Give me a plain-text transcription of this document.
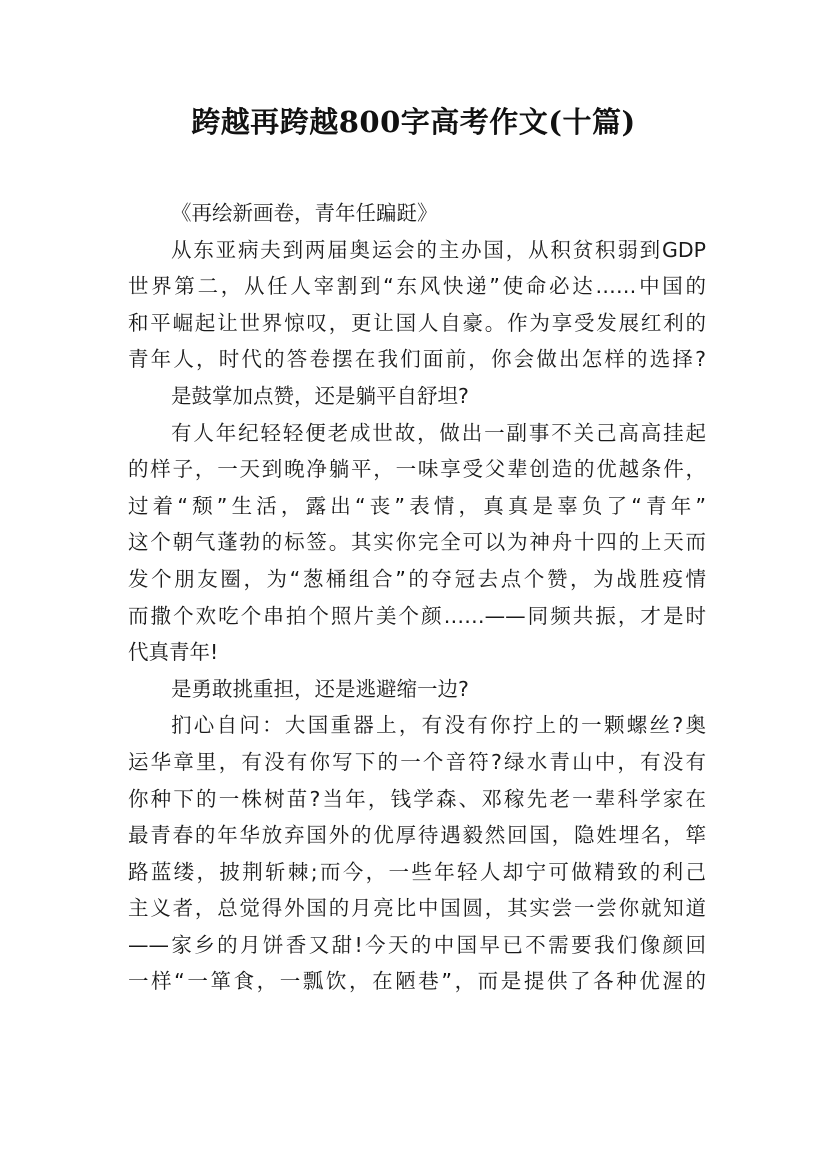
跨越再跨越800字高考作文(十篇)
《再绘新画卷，青年任蹁跹》
从东亚病夫到两届奥运会的主办国，从积贫积弱到GDP
世界第二，从任人宰割到“东风快递”使命必达……中国的
和平崛起让世界惊叹，更让国人自豪。作为享受发展红利的
青年人，时代的答卷摆在我们面前，你会做出怎样的选择?
是鼓掌加点赞，还是躺平自舒坦?
有人年纪轻轻便老成世故，做出一副事不关己高高挂起
的样子，一天到晚净躺平，一味享受父辈创造的优越条件，
过着“颓”生活，露出“丧”表情，真真是辜负了“青年”
这个朝气蓬勃的标签。其实你完全可以为神舟十四的上天而
发个朋友圈，为“葱桶组合”的夺冠去点个赞，为战胜疫情
而撒个欢吃个串拍个照片美个颜……——同频共振，才是时
代真青年!
是勇敢挑重担，还是逃避缩一边?
扪心自问：大国重器上，有没有你拧上的一颗螺丝?奥
运华章里，有没有你写下的一个音符?绿水青山中，有没有
你种下的一株树苗?当年，钱学森、邓稼先老一辈科学家在
最青春的年华放弃国外的优厚待遇毅然回国，隐姓埋名，筚
路蓝缕，披荆斩棘;而今，一些年轻人却宁可做精致的利己
主义者，总觉得外国的月亮比中国圆，其实尝一尝你就知道
——家乡的月饼香又甜!今天的中国早已不需要我们像颜回
一样“一箪食，一瓢饮，在陋巷”，而是提供了各种优渥的
